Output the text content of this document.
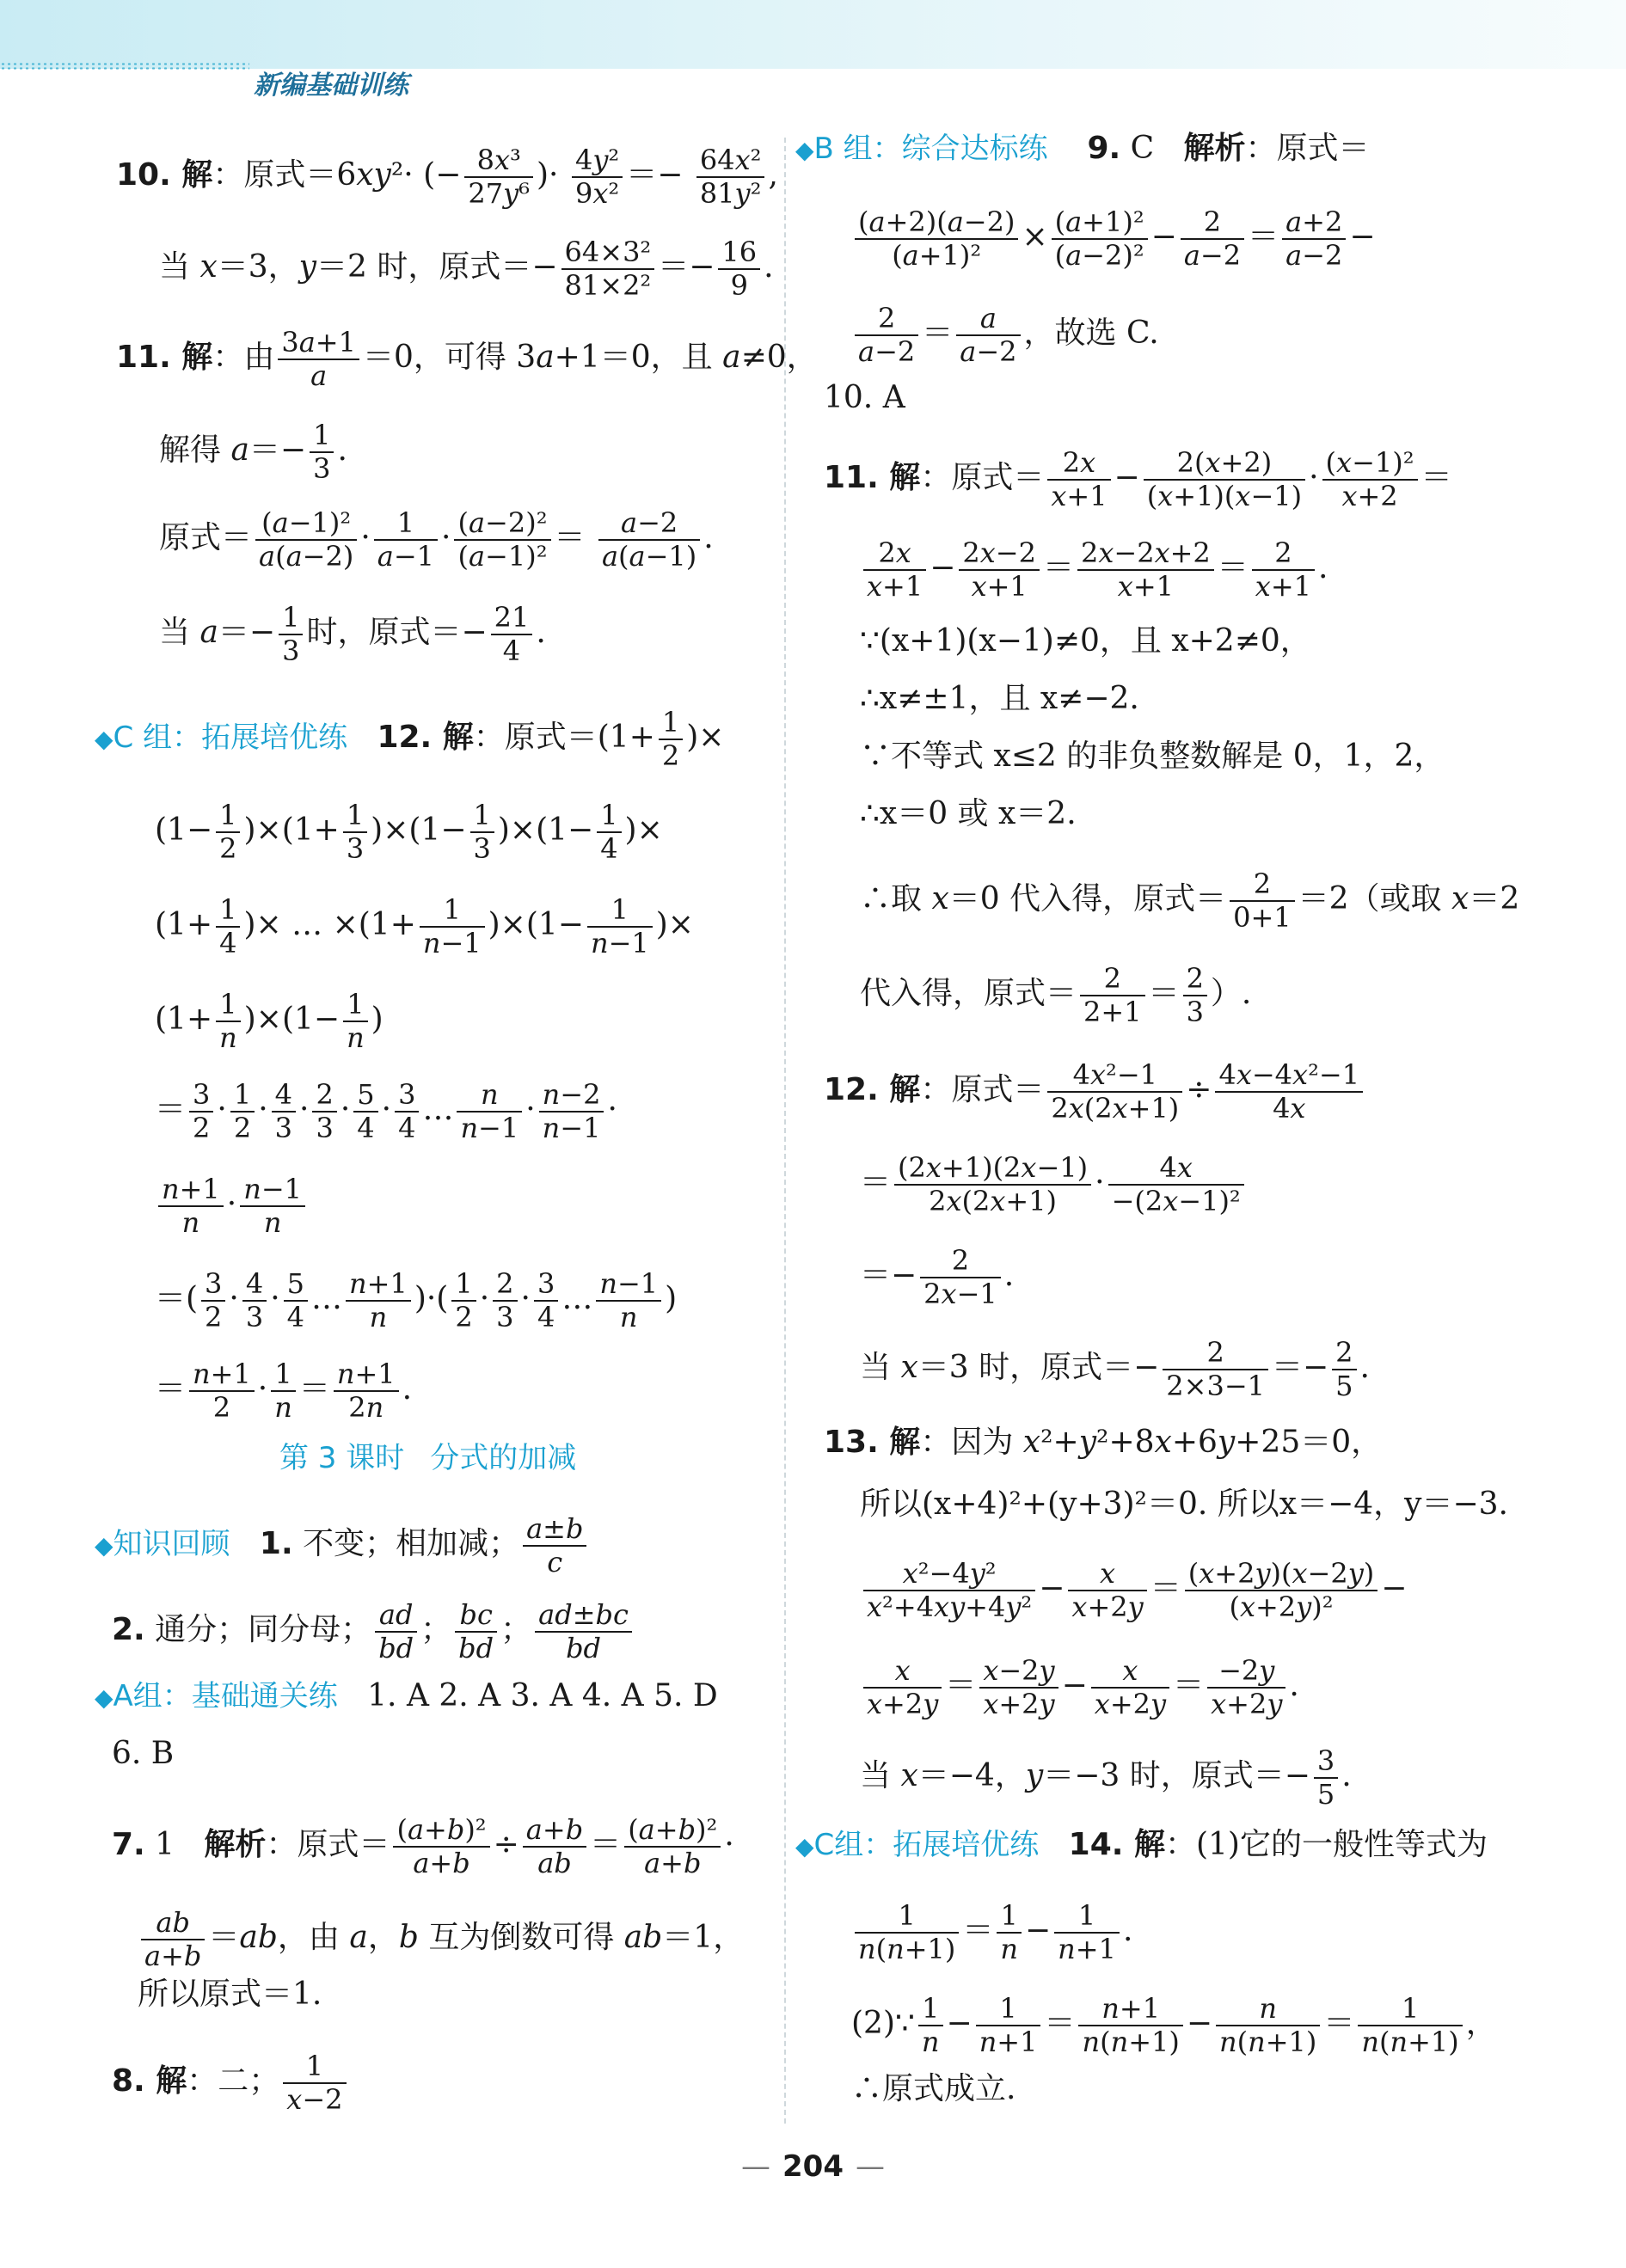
新编基础训练
10. 解：原式＝6xy²· (− $\frac{\text{8x³}}{\text{27y⁶}}$ )· $\frac{\text{4y²}}{\text{9x²}} =- \frac{\text{64x²}}{\text{81y²}}$ ,
当 x＝3，y＝2 时，原式＝− $\frac{\text{64×3²}}{\text{81×2²}} =- \frac{16}{9}$ .
11. 解：由 $\frac{3a+1}{a} =0$，可得 3a+1＝0，且 a≠0，
解得 $a=- \frac{1}{3}$ .
原式＝ $\frac{\text{(a−1)²}}{a(a-2)} \cdot \frac{1}{a-1} \cdot \frac{\text{(a−2)²}}{\text{(a−1)²}} = \frac{a-2}{a(a-1)}$ .
当 $a=- \frac{1}{3}$ 时，原式＝− $\frac{21}{4}$ .
◆C 组：拓展培优练 12. 解：原式$=(1+ \frac{1}{2}$ )×
$(1- \frac{1}{2} )\times(1+ \frac{1}{3} )\times(1- \frac{1}{3} )\times(1- \frac{1}{4}$ )×
($1+ \frac{1}{4}$ )× … $\times(1+ \frac{1}{n-1} )\times(1- \frac{1}{n-1}$ )×
$(1+ \frac{1}{n} )\times(1- \frac{1}{n}$ )
＝ $\frac{3}{2} \cdot \frac{1}{2} \cdot \frac{4}{3} \cdot \frac{2}{3} \cdot \frac{5}{4} \cdot \frac{3}{4}$ … $\frac{n}{n-1} \cdot \frac{n-2}{n-1}$ ·
$\frac{n+1}{n} \cdot \frac{n-1}{n}$
＝( $\frac{3}{2} \cdot \frac{4}{3} \cdot \frac{5}{4}$ … $\frac{n+1}{n}$ )·( $\frac{1}{2} \cdot \frac{2}{3} \cdot \frac{3}{4}$ … $\frac{n-1}{n}$ )
＝ $\frac{n+1}{2} \cdot \frac{1}{n} = \frac{n+1}{2n}$ .
第 3 课时 分式的加减
◆知识回顾 1. 不变；相加减； $\frac{a\pm b}{c}$
2. 通分；同分母； $\frac{ad}{bd}$ ； $\frac{bc}{bd}$ ； $\frac{ad\pm bc}{bd}$
◆A组：基础通关练 1. A 2. A 3. A 4. A 5. D
6. B
7. 1   解析：原式＝ $\frac{\text{(a+b)²}}{a+b} \div \frac{a+b}{ab} = \frac{\text{(a+b)²}}{a+b}$ ·
$\frac{ab}{a+b} =ab$，由 a，b 互为倒数可得 ab＝1，
所以原式＝1.
8. 解：二； $\frac{1}{x-2}$
◆B 组：综合达标练 9. C   解析：原式＝
$\frac{(a+2)(a-2)}{\text{(a+1)²}} \times \frac{\text{(a+1)²}}{\text{(a−2)²}} - \frac{2}{a-2} = \frac{a+2}{a-2}$ −
$\frac{2}{a-2} = \frac{a}{a-2}$ ，故选 C.
10. A
11. 解：原式＝ $\frac{2x}{x+1} - \frac{2(x+2)}{(x+1)(x-1)} \cdot \frac{\text{(x−1)²}}{x+2}$ ＝
$\frac{2x}{x+1} - \frac{2x-2}{x+1} = \frac{2x-2x+2}{x+1} = \frac{2}{x+1}$ .
∵(x+1)(x−1)≠0，且 x+2≠0，
∴x≠±1，且 x≠−2.
∵不等式 x≤2 的非负整数解是 0，1，2，
∴x＝0 或 x＝2.
∴取 x＝0 代入得，原式＝ $\frac{2}{0+1} =2$（或取 x＝2
代入得，原式＝ $\frac{2}{2+1} = \frac{2}{3}$ ）.
12. 解：原式＝ $\frac{\text{4x²−1}}{2x(2x+1)} \div \frac{\text{4x−4x²−1}}{4x}$
＝ $\frac{(2x+1)(2x-1)}{2x(2x+1)} \cdot \frac{4x}{\text{−(2x−1)²}}$
＝− $\frac{2}{2x-1}$ .
当 x＝3 时，原式＝− $\frac{2}{2\times 3-1} =- \frac{2}{5}$ .
13. 解：因为 x²+y²+8x+6y+25＝0，
所以(x+4)²+(y+3)²＝0. 所以x＝−4，y＝−3.
$\frac{\text{x²−4y²}}{\text{x²+4xy+4y²}} - \frac{x}{x+2y} = \frac{(x+2y)(x-2y)}{\text{(x+2y)²}}$ −
$\frac{x}{x+2y} = \frac{x-2y}{x+2y} - \frac{x}{x+2y} = \frac{-2y}{x+2y}$ .
当 x＝−4，y＝−3 时，原式＝− $\frac{3}{5}$ .
◆C组：拓展培优练 14. 解：(1)它的一般性等式为
$\frac{1}{n(n+1)} = \frac{1}{n} - \frac{1}{n+1}$ .
(2)∵ $\frac{1}{n} - \frac{1}{n+1} = \frac{n+1}{n(n+1)} - \frac{n}{n(n+1)} = \frac{1}{n(n+1)}$ ，
∴原式成立.
— 204 —
